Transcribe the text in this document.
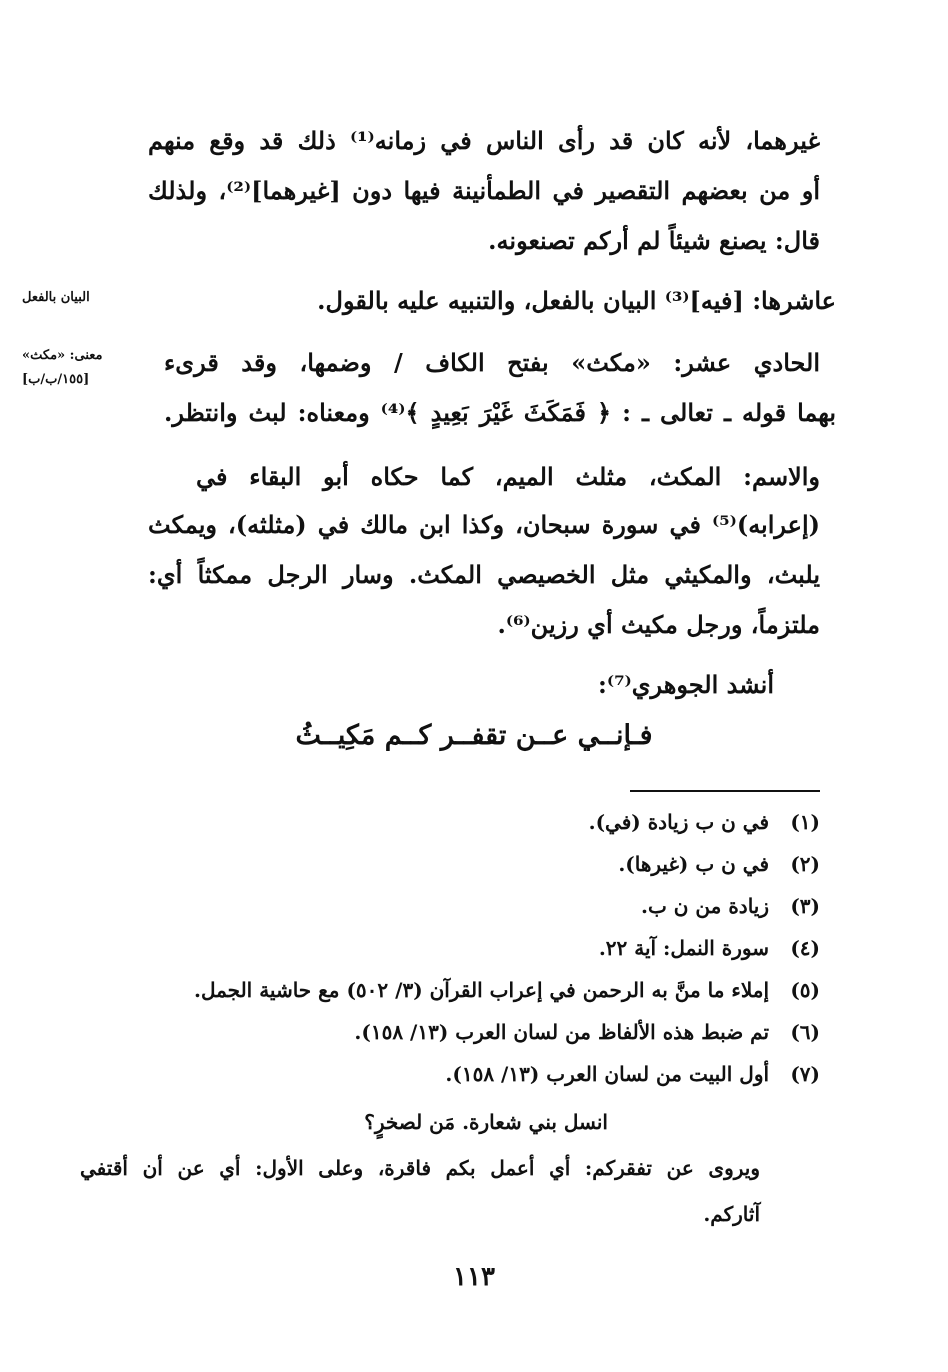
غيرهما، لأنه كان قد رأى الناس في زمانه⁽¹⁾ ذلك قد وقع منهم
أو من بعضهم التقصير في الطمأنينة فيها دون [غيرهما]⁽²⁾، ولذلك
قال: يصنع شيئاً لم أركم تصنعونه.
عاشرها: [فيه]⁽³⁾ البيان بالفعل، والتنبيه عليه بالقول.
الحادي عشر: «مكث» بفتح الكاف / وضمها، وقد قرىء
بهما قوله ـ تعالى ـ : ﴿ فَمَكَثَ غَيْرَ بَعِيدٍ ﴾⁽⁴⁾ ومعناه: لبث وانتظر.
والاسم: المكث، مثلث الميم، كما حكاه أبو البقاء في
(إعرابه)⁽⁵⁾ في سورة سبحان، وكذا ابن مالك في (مثلثه)، ويمكث
يلبث، والمكيثي مثل الخصيصي المكث. وسار الرجل ممكثاً أي:
ملتزماً، ورجل مكيث أي رزين⁽⁶⁾.
أنشد الجوهري⁽⁷⁾:
فـإنــي عــن تقفــر كــم مَكِيــثُ
البيان بالفعل
معنى: «مكث»
[١٥٥/ب/ب]
(١) في ن ب زيادة (في).
(٢) في ن ب (غيرها).
(٣) زيادة من ن ب.
(٤) سورة النمل: آية ٢٢.
(٥) إملاء ما منَّ به الرحمن في إعراب القرآن (٣/ ٥٠٢) مع حاشية الجمل.
(٦) تم ضبط هذه الألفاظ من لسان العرب (١٣/ ١٥٨).
(٧) أول البيت من لسان العرب (١٣/ ١٥٨).
انسل بني شعارة. مَن لصخرٍ؟
ويروى عن تفقركم: أي أعمل بكم فاقرة، وعلى الأول: أي عن أن أقتفي
آثاركم.
١١٣
